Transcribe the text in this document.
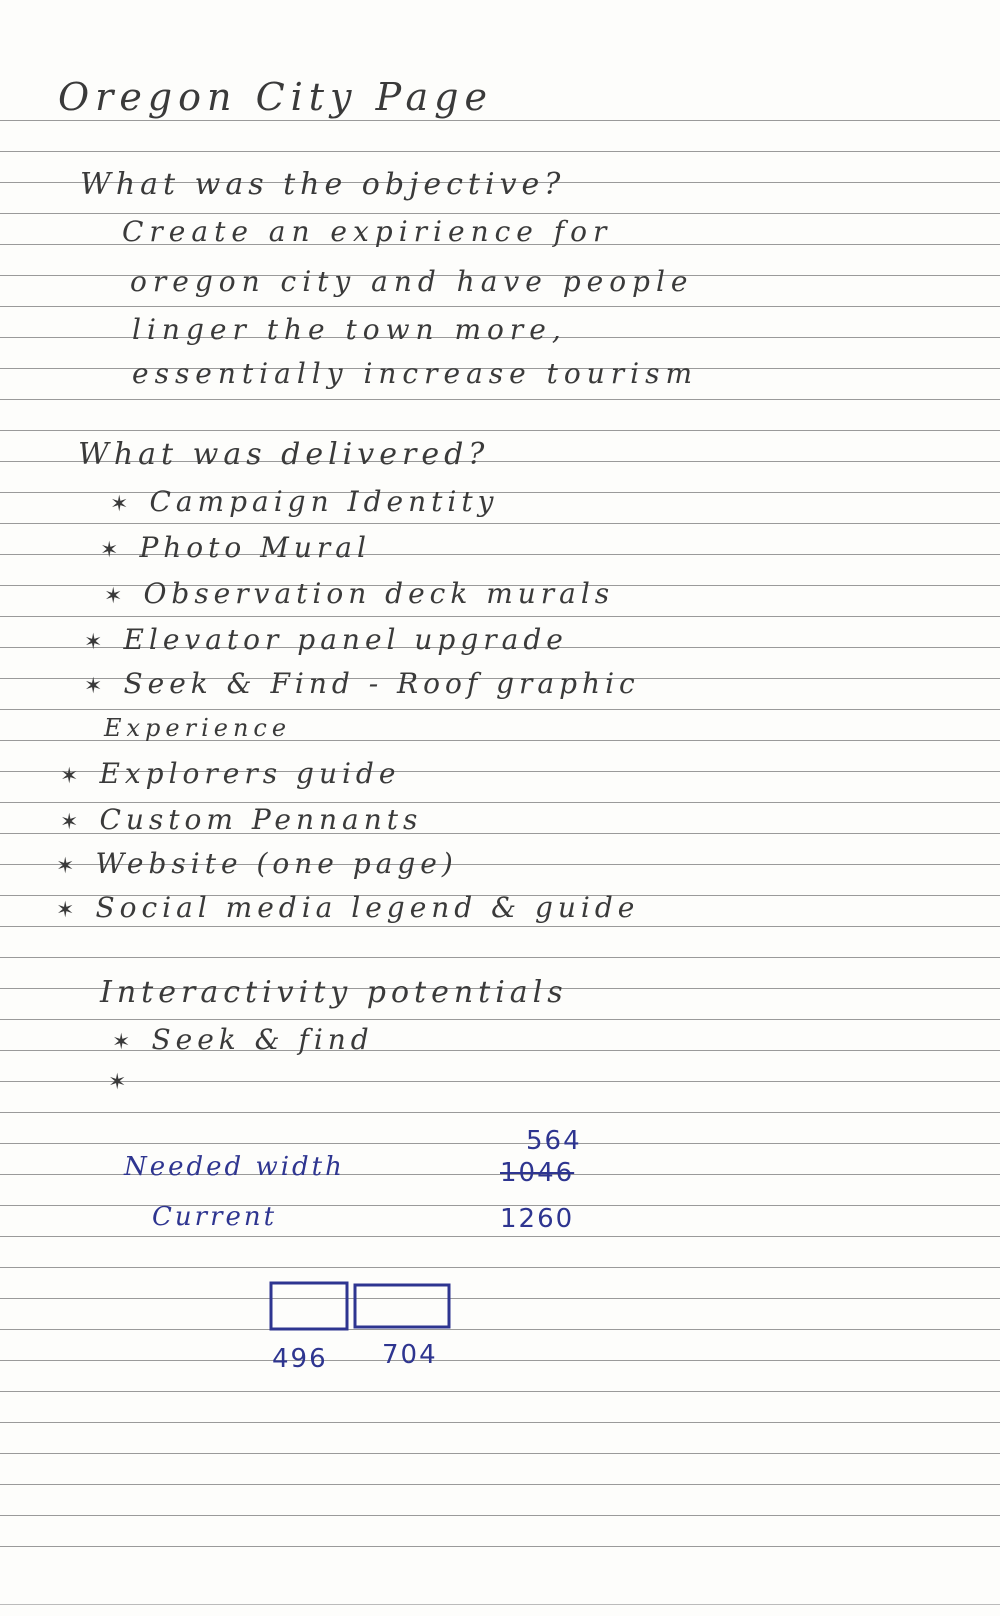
Oregon City Page
What was the objective?
Create an expirience for
oregon city and have people
linger the town more,
essentially increase tourism
What was delivered?
✶ Campaign Identity
✶ Photo Mural
✶ Observation deck murals
✶ Elevator panel upgrade
✶ Seek & Find - Roof graphic
Experience
✶ Explorers guide
✶ Custom Pennants
✶ Website (one page)
✶ Social media legend & guide
Interactivity potentials
✶ Seek & find
✶
Needed width
564
1046
Current	1260
496 704
